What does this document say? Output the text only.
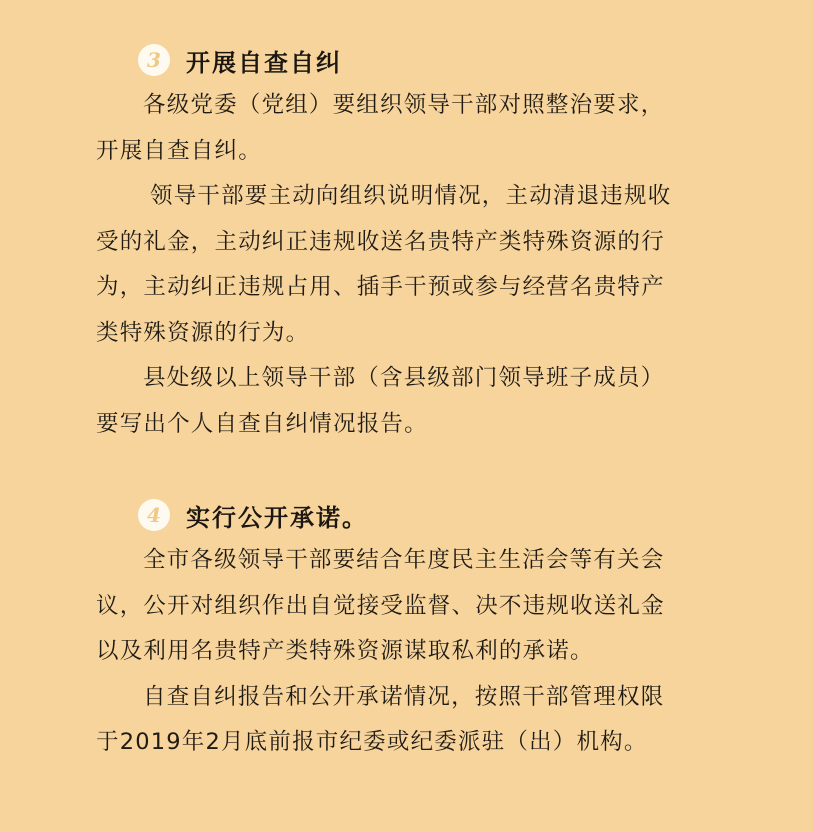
3 开展自查自纠

各级党委（党组）要组织领导干部对照整治要求，
开展自查自纠。

领导干部要主动向组织说明情况，主动清退违规收
受的礼金，主动纠正违规收送名贵特产类特殊资源的行
为，主动纠正违规占用、插手干预或参与经营名贵特产
类特殊资源的行为。

县处级以上领导干部（含县级部门领导班子成员）
要写出个人自查自纠情况报告。

4 实行公开承诺。

全市各级领导干部要结合年度民主生活会等有关会
议，公开对组织作出自觉接受监督、决不违规收送礼金
以及利用名贵特产类特殊资源谋取私利的承诺。

自查自纠报告和公开承诺情况，按照干部管理权限
于2019年2月底前报市纪委或纪委派驻（出）机构。
